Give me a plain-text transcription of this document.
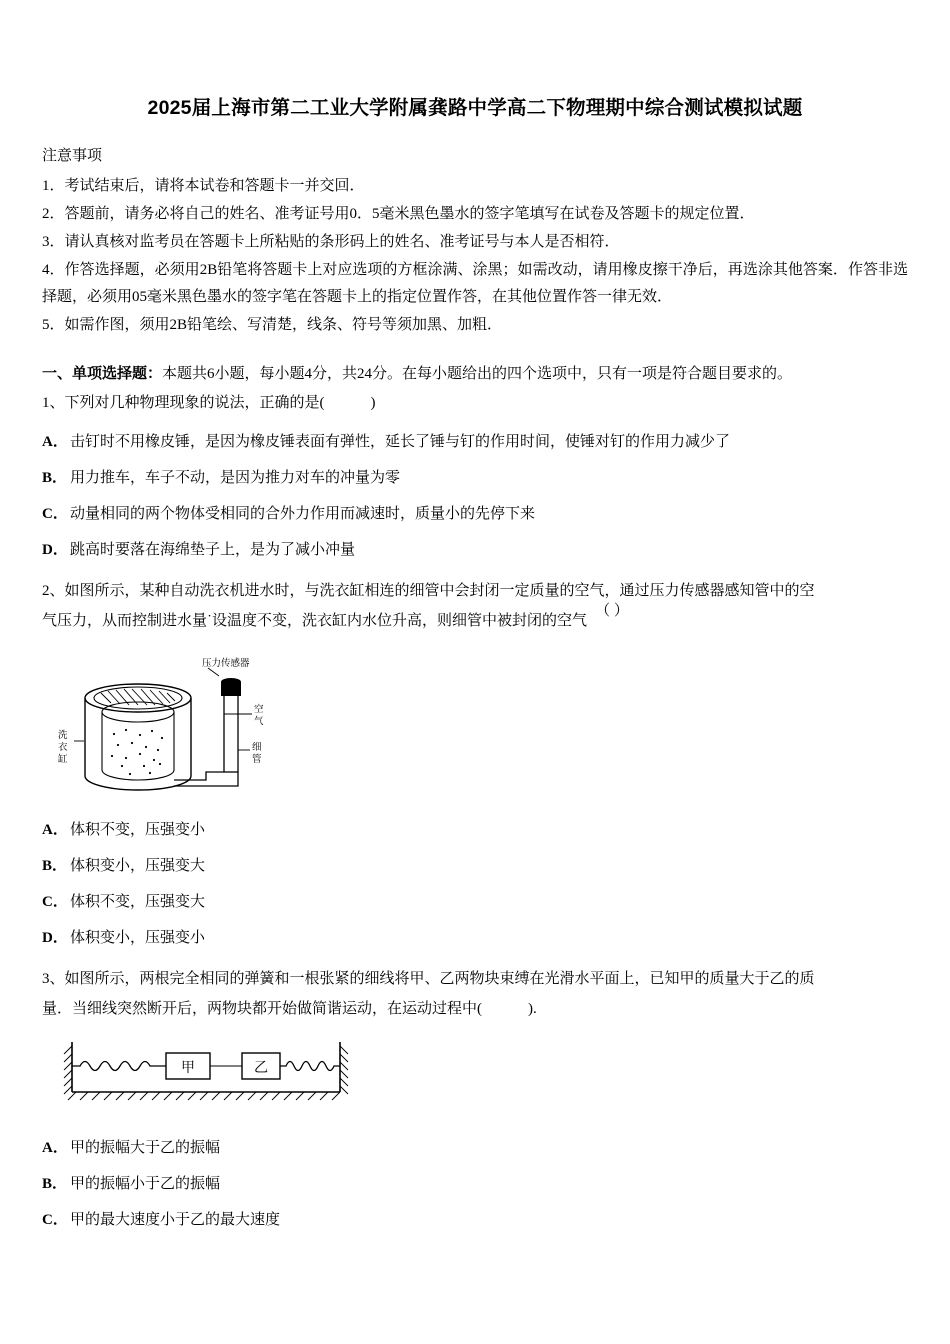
2025届上海市第二工业大学附属龚路中学高二下物理期中综合测试模拟试题
注意事项

1．考试结束后，请将本试卷和答题卡一并交回．

2．答题前，请务必将自己的姓名、准考证号用0．5毫米黑色墨水的签字笔填写在试卷及答题卡的规定位置．

3．请认真核对监考员在答题卡上所粘贴的条形码上的姓名、准考证号与本人是否相符．

4．作答选择题，必须用2B铅笔将答题卡上对应选项的方框涂满、涂黑；如需改动，请用橡皮擦干净后，再选涂其他答案．作答非选择题，必须用05毫米黑色墨水的签字笔在答题卡上的指定位置作答，在其他位置作答一律无效．

5．如需作图，须用2B铅笔绘、写清楚，线条、符号等须加黑、加粗．

一、单项选择题：本题共6小题，每小题4分，共24分。在每小题给出的四个选项中，只有一项是符合题目要求的。

1、下列对几种物理现象的说法，正确的是(	)

A． 击钉时不用橡皮锤，是因为橡皮锤表面有弹性，延长了锤与钉的作用时间，使锤对钉的作用力减少了

B． 用力推车，车子不动，是因为推力对车的冲量为零

C． 动量相同的两个物体受相同的合外力作用而减速时，质量小的先停下来

D． 跳高时要落在海绵垫子上，是为了减小冲量

2、如图所示，某种自动洗衣机进水时，与洗衣缸相连的细管中会封闭一定质量的空气，通过压力传感器感知管中的空

气压力，从而控制进水量˙设温度不变，洗衣缸内水位升高，则细管中被封闭的空气（ ）

压力传感器
洗
衣
缸
空
气
细
管

A． 体积不变，压强变小

B． 体积变小，压强变大

C． 体积不变，压强变大

D． 体积变小，压强变小

3、如图所示，两根完全相同的弹簧和一根张紧的细线将甲、乙两物块束缚在光滑水平面上，已知甲的质量大于乙的质

量．当细线突然断开后，两物块都开始做简谐运动，在运动过程中(	).

甲	乙

A． 甲的振幅大于乙的振幅

B． 甲的振幅小于乙的振幅

C． 甲的最大速度小于乙的最大速度
